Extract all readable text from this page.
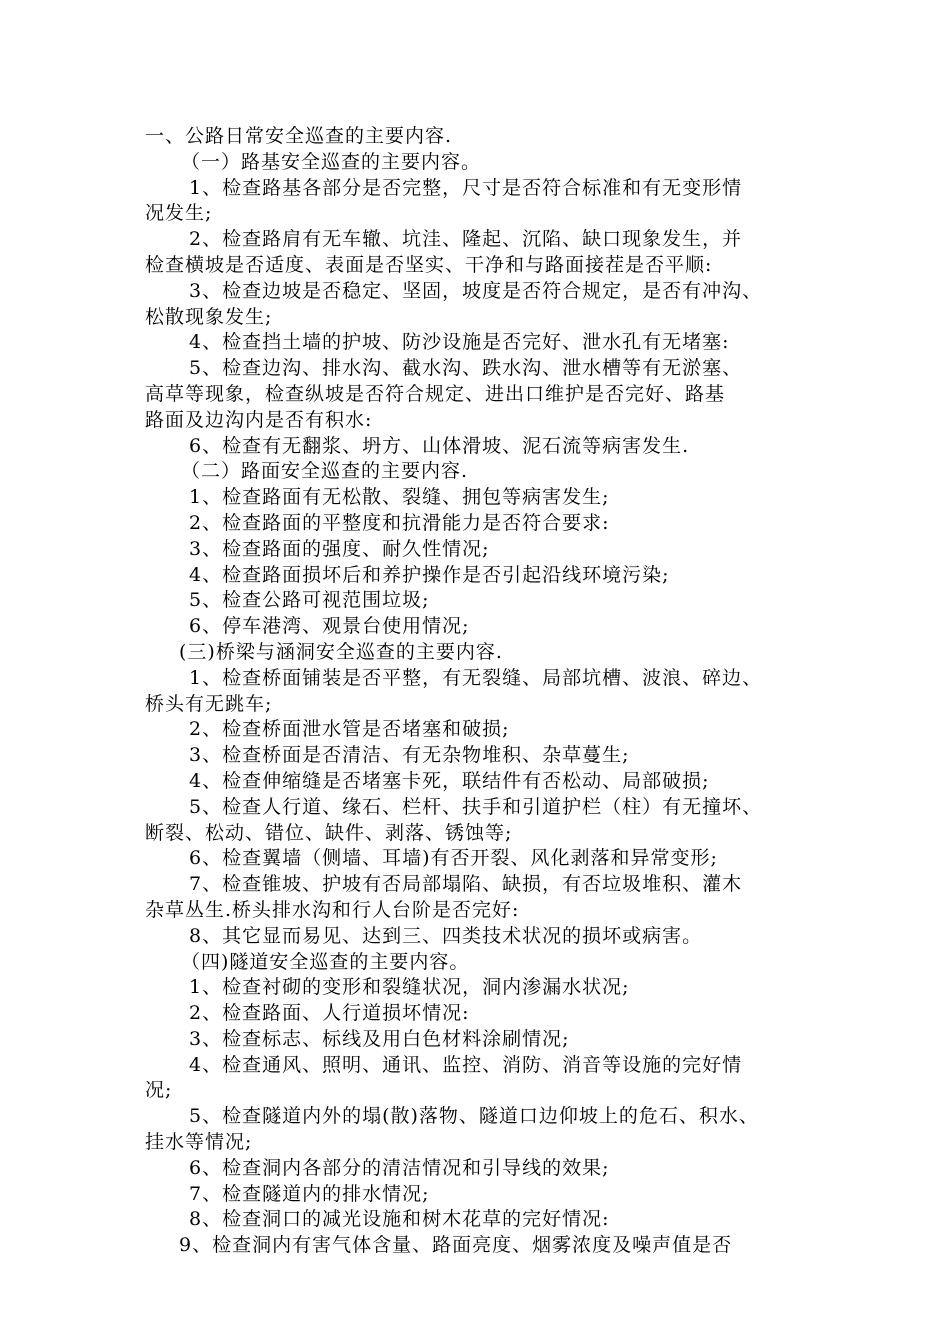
一、公路日常安全巡查的主要内容.
（一）路基安全巡查的主要内容。
1、检查路基各部分是否完整，尺寸是否符合标准和有无变形情
况发生;
2、检查路肩有无车辙、坑洼、隆起、沉陷、缺口现象发生，并
检查横坡是否适度、表面是否坚实、干净和与路面接茬是否平顺:
3、检查边坡是否稳定、坚固，坡度是否符合规定，是否有冲沟、
松散现象发生;
4、检查挡土墙的护坡、防沙设施是否完好、泄水孔有无堵塞:
5、检查边沟、排水沟、截水沟、跌水沟、泄水槽等有无淤塞、
高草等现象，检查纵坡是否符合规定、进出口维护是否完好、路基
路面及边沟内是否有积水:
6、检查有无翻浆、坍方、山体滑坡、泥石流等病害发生.
（二）路面安全巡查的主要内容.
1、检查路面有无松散、裂缝、拥包等病害发生;
2、检查路面的平整度和抗滑能力是否符合要求:
3、检查路面的强度、耐久性情况;
4、检查路面损坏后和养护操作是否引起沿线环境污染;
5、检查公路可视范围垃圾;
6、停车港湾、观景台使用情况;
(三)桥梁与涵洞安全巡查的主要内容.
1、检查桥面铺装是否平整，有无裂缝、局部坑槽、波浪、碎边、
桥头有无跳车;
2、检查桥面泄水管是否堵塞和破损;
3、检查桥面是否清洁、有无杂物堆积、杂草蔓生;
4、检查伸缩缝是否堵塞卡死，联结件有否松动、局部破损;
5、检查人行道、缘石、栏杆、扶手和引道护栏（柱）有无撞坏、
断裂、松动、错位、缺件、剥落、锈蚀等;
6、检查翼墙（侧墙、耳墙)有否开裂、风化剥落和异常变形;
7、检查锥坡、护坡有否局部塌陷、缺损，有否垃圾堆积、灌木
杂草丛生.桥头排水沟和行人台阶是否完好:
8、其它显而易见、达到三、四类技术状况的损坏或病害。
（四)隧道安全巡查的主要内容。
1、检查衬砌的变形和裂缝状况，洞内渗漏水状况;
2、检查路面、人行道损坏情况:
3、检查标志、标线及用白色材料涂刷情况;
4、检查通风、照明、通讯、监控、消防、消音等设施的完好情
况;
5、检查隧道内外的塌(散)落物、隧道口边仰坡上的危石、积水、
挂水等情况;
6、检查洞内各部分的清洁情况和引导线的效果;
7、检查隧道内的排水情况;
8、检查洞口的减光设施和树木花草的完好情况:
9、检查洞内有害气体含量、路面亮度、烟雾浓度及噪声值是否
